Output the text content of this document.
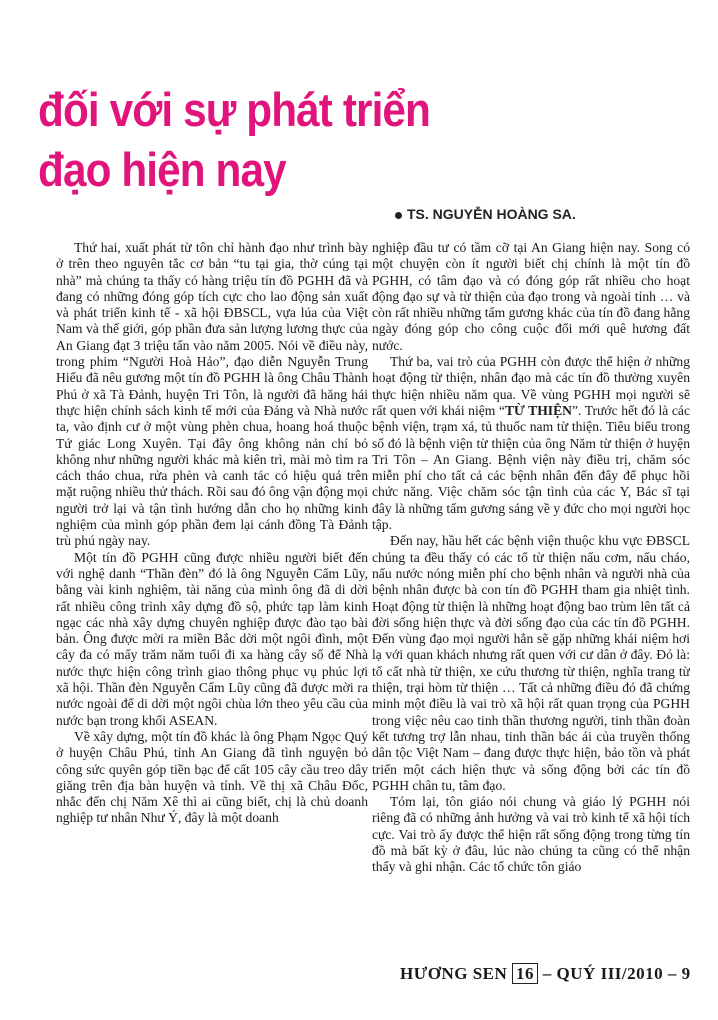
đối với sự phát triển
đạo hiện nay
TS. NGUYỄN HOÀNG SA.

Thứ hai, xuất phát từ tôn chỉ hành đạo như trình bày ở trên theo nguyên tắc cơ bản “tu tại gia, thờ cúng tại nhà” mà chúng ta thấy có hàng triệu tín đồ PGHH đã và đang có những đóng góp tích cực cho lao động sản xuất và phát triển kinh tế - xã hội ĐBSCL, vựa lúa của Việt Nam và thế giới, góp phần đưa sản lượng lương thực của An Giang đạt 3 triệu tấn vào năm 2005. Nói về điều này, trong phim “Người Hoà Hảo”, đạo diễn Nguyễn Trung Hiếu đã nêu gương một tín đồ PGHH là ông Châu Thành Phú ở xã Tà Đảnh, huyện Tri Tôn, là người đã hăng hái thực hiện chính sách kinh tế mới của Đảng và Nhà nước ta, vào định cư ở một vùng phèn chua, hoang hoá thuộc Tứ giác Long Xuyên. Tại đây ông không nản chí bỏ không như những người khác mà kiên trì, mài mò tìm ra cách tháo chua, rửa phèn và canh tác có hiệu quả trên mặt ruộng nhiều thử thách. Rồi sau đó ông vận động mọi người trở lại và tận tình hướng dẫn cho họ những kinh nghiệm của mình góp phần đem lại cánh đồng Tà Đảnh trù phú ngày nay.

Một tín đồ PGHH cũng được nhiều người biết đến với nghệ danh “Thần đèn” đó là ông Nguyễn Cẩm Lũy, bằng vài kinh nghiệm, tài năng của mình ông đã di dời rất nhiều công trình xây dựng đồ sộ, phức tạp làm kinh ngạc các nhà xây dựng chuyên nghiệp được đào tạo bài bản. Ông được mời ra miền Bắc dời một ngôi đình, một cây đa có mấy trăm năm tuổi đi xa hàng cây số để Nhà nước thực hiện công trình giao thông phục vụ phúc lợi xã hội. Thần đèn Nguyễn Cẩm Lũy cũng đã được mời ra nước ngoài để di dời một ngôi chùa lớn theo yêu cầu của nước bạn trong khối ASEAN.

Về xây dựng, một tín đồ khác là ông Phạm Ngọc Quý ở huyện Châu Phú, tỉnh An Giang đã tình nguyện bỏ công sức quyên góp tiền bạc để cất 105 cây cầu treo dây giăng trên địa bàn huyện và tỉnh. Về thị xã Châu Đốc, nhắc đến chị Năm Xê thì ai cũng biết, chị là chủ doanh nghiệp tư nhân Như Ý, đây là một doanh

nghiệp đầu tư có tầm cỡ tại An Giang hiện nay. Song có một chuyện còn ít người biết chị chính là một tín đồ PGHH, có tâm đạo và có đóng góp rất nhiều cho hoạt động đạo sự và từ thiện của đạo trong và ngoài tỉnh … và còn rất nhiều những tấm gương khác của tín đồ đang hằng ngày đóng góp cho công cuộc đổi mới quê hương đất nước.

Thứ ba, vai trò của PGHH còn được thể hiện ở những hoạt động từ thiện, nhân đạo mà các tín đồ thường xuyên thực hiện nhiều năm qua. Về vùng PGHH mọi người sẽ rất quen với khái niệm “TỪ THIỆN”. Trước hết đó là các bệnh viện, trạm xá, tủ thuốc nam từ thiện. Tiêu biểu trong số đó là bệnh viện từ thiện của ông Năm từ thiện ở huyện Tri Tôn – An Giang. Bệnh viện này điều trị, chăm sóc miễn phí cho tất cả các bệnh nhân đến đây để phục hồi chức năng. Việc chăm sóc tận tình của các Y, Bác sĩ tại đây là những tấm gương sáng về y đức cho mọi người học tập.

Đến nay, hầu hết các bệnh viện thuộc khu vực ĐBSCL chúng ta đều thấy có các tổ từ thiện nấu cơm, nấu cháo, nấu nước nóng miễn phí cho bệnh nhân và người nhà của bệnh nhân được bà con tín đồ PGHH tham gia nhiệt tình. Hoạt động từ thiện là những hoạt động bao trùm lên tất cả đời sống hiện thực và đời sống đạo của các tín đồ PGHH. Đến vùng đạo mọi người hẳn sẽ gặp những khái niệm hơi lạ với quan khách nhưng rất quen với cư dân ở đây. Đó là: tổ cất nhà từ thiện, xe cứu thương từ thiện, nghĩa trang từ thiện, trại hòm từ thiện … Tất cả những điều đó đã chứng minh một điều là vai trò xã hội rất quan trọng của PGHH trong việc nêu cao tinh thần thương người, tinh thần đoàn kết tương trợ lẫn nhau, tinh thần bác ái của truyền thống dân tộc Việt Nam – đang được thực hiện, bảo tồn và phát triển một cách hiện thực và sống động bởi các tín đồ PGHH chân tu, tâm đạo.

Tóm lại, tôn giáo nói chung và giáo lý PGHH nói riêng đã có những ảnh hưởng và vai trò kinh tế xã hội tích cực. Vai trò ấy được thể hiện rất sống động trong từng tín đồ mà bất kỳ ở đâu, lúc nào chúng ta cũng có thể nhận thấy và ghi nhận. Các tổ chức tôn giáo

HƯƠNG SEN 16 – QUÝ III/2010 – 9
